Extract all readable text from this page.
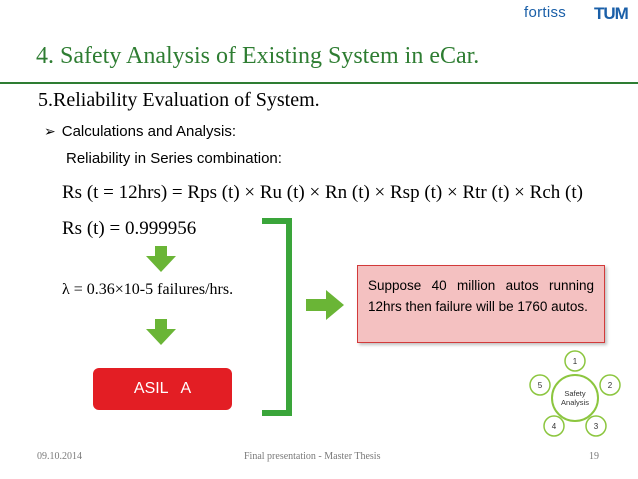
fortiss TUM
4. Safety Analysis of Existing System in eCar.
5.Reliability Evaluation of System.
➢ Calculations and Analysis:
Reliability in Series combination:
Rs (t = 12hrs) = Rps (t) × Ru (t) × Rn (t) × Rsp (t) × Rtr (t) × Rch (t)
Rs (t) = 0.999956
λ = 0.36×10-5 failures/hrs.	Suppose 40 million autos running 12hrs then failure will be 1760 autos.
ASIL   A	Safety
Analysis
1
2
3
4
5
09.10.2014	Final presentation - Master Thesis	19
